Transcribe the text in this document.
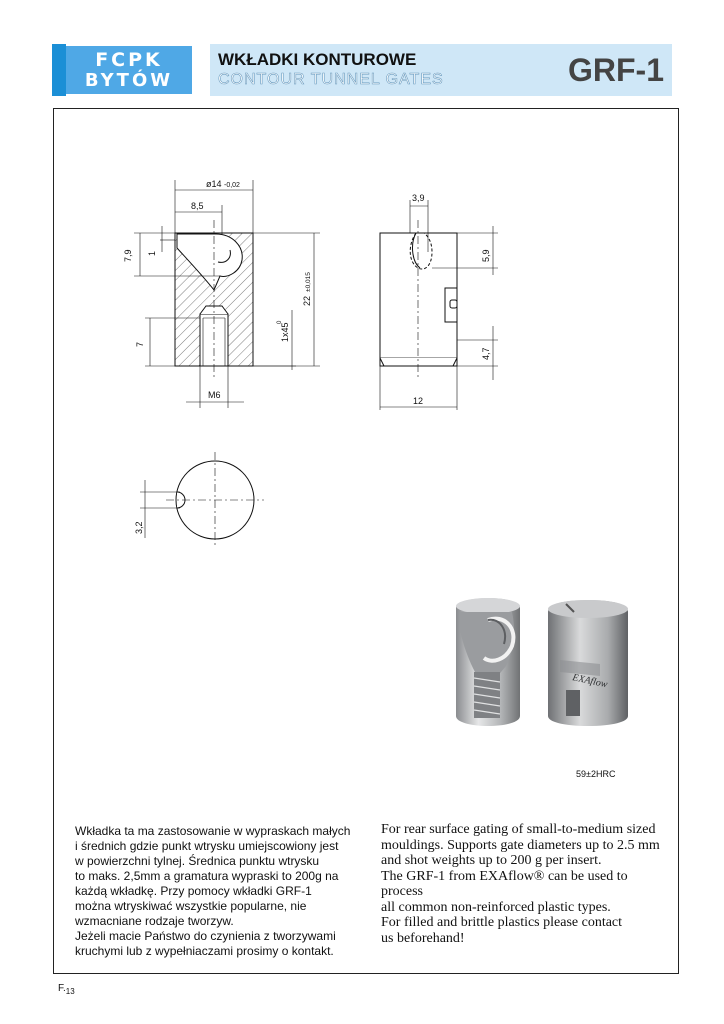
FCPK
BYTÓW
WKŁADKI KONTUROWE
CONTOUR TUNNEL GATES	GRF-1
ø14 -0,02
8,5
7,9 1
22
±0,015
1x45
0
7
M6
3,9
5,9
4,7
12
3,2
EXAflow
59±2HRC

Wkładka ta ma zastosowanie w wypraskach małych

i średnich gdzie punkt wtrysku umiejscowiony jest

w powierzchni tylnej. Średnica punktu wtrysku

to maks. 2,5mm a gramatura wypraski to 200g na

każdą wkładkę. Przy pomocy wkładki GRF-1

można wtryskiwać wszystkie popularne, nie

wzmacniane rodzaje tworzyw.

Jeżeli macie Państwo do czynienia z tworzywami

kruchymi lub z wypełniaczami prosimy o kontakt.

For rear surface gating of small-to-medium sized

mouldings. Supports gate diameters up to 2.5 mm

and shot weights up to 200 g per insert.

The GRF-1 from EXAflow® can be used to process

all common non-reinforced plastic types.

For filled and brittle plastics please contact

us beforehand!

$F._{13}$
